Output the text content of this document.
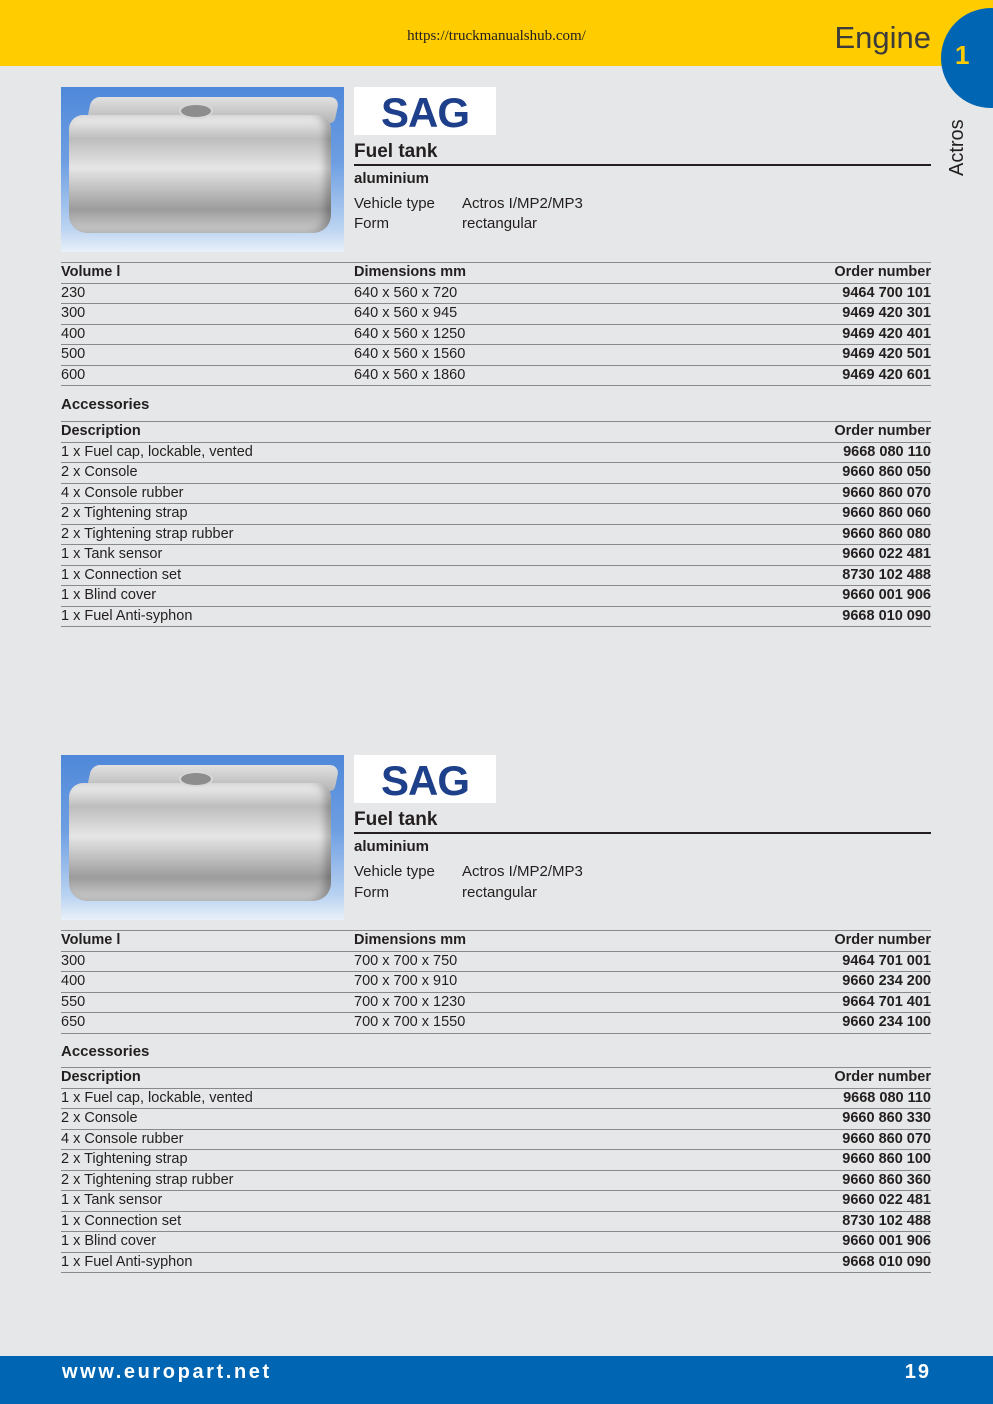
https://truckmanualshub.com/	Engine 1
Actros
SAG
Fuel tank
aluminium
Vehicle type Actros I/MP2/MP3
Form	rectangular
Volume l	Dimensions mm	Order number
230	640 x 560 x 720	9464 700 101
300	640 x 560 x 945	9469 420 301
400	640 x 560 x 1250	9469 420 401
500	640 x 560 x 1560	9469 420 501
600	640 x 560 x 1860	9469 420 601
Accessories
Description	Order number
1 x Fuel cap, lockable, vented	9668 080 110
2 x Console	9660 860 050
4 x Console rubber	9660 860 070
2 x Tightening strap	9660 860 060
2 x Tightening strap rubber	9660 860 080
1 x Tank sensor	9660 022 481
1 x Connection set	8730 102 488
1 x Blind cover	9660 001 906
1 x Fuel Anti-syphon	9668 010 090
SAG
Fuel tank
aluminium
Vehicle type Actros I/MP2/MP3
Form	rectangular
Volume l	Dimensions mm	Order number
300	700 x 700 x 750	9464 701 001
400	700 x 700 x 910	9660 234 200
550	700 x 700 x 1230	9664 701 401
650	700 x 700 x 1550	9660 234 100
Accessories
Description	Order number
1 x Fuel cap, lockable, vented	9668 080 110
2 x Console	9660 860 330
4 x Console rubber	9660 860 070
2 x Tightening strap	9660 860 100
2 x Tightening strap rubber	9660 860 360
1 x Tank sensor	9660 022 481
1 x Connection set	8730 102 488
1 x Blind cover	9660 001 906
1 x Fuel Anti-syphon	9668 010 090
www.europart.net	19
